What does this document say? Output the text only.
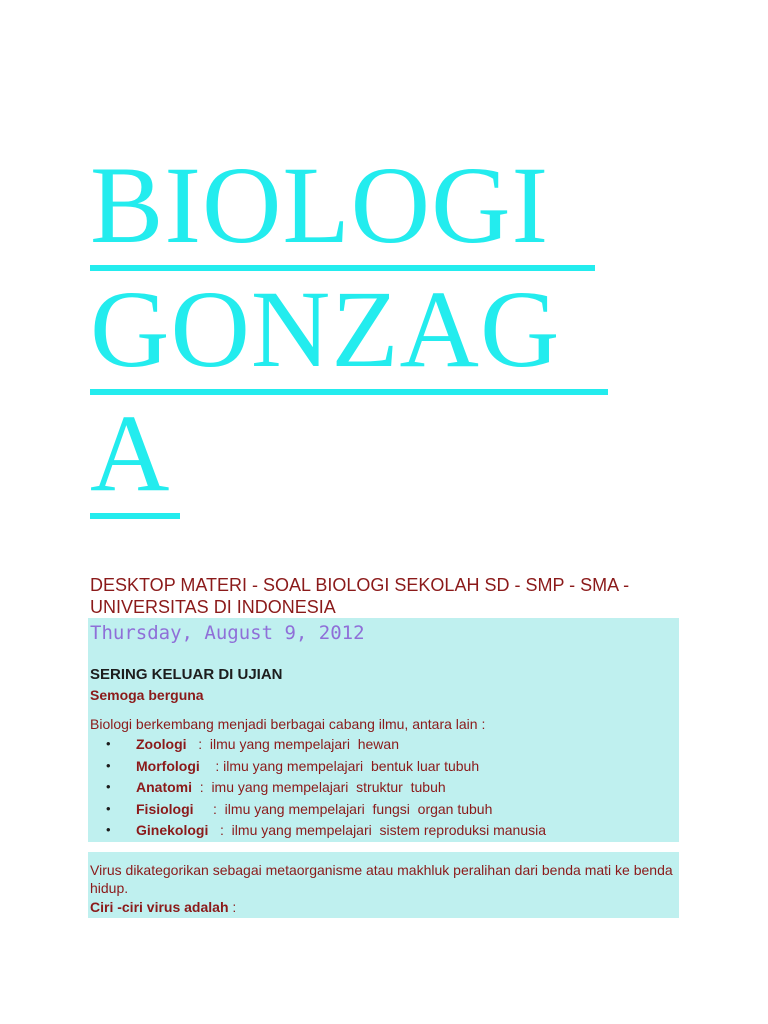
BIOLOGI
GONZAG
A
DESKTOP MATERI - SOAL BIOLOGI SEKOLAH SD - SMP - SMA - UNIVERSITAS DI INDONESIA
Thursday, August 9, 2012
SERING KELUAR DI UJIAN
Semoga berguna
Biologi berkembang menjadi berbagai cabang ilmu, antara lain :
• Zoologi   :  ilmu yang mempelajari  hewan
• Morfologi    : ilmu yang mempelajari  bentuk luar tubuh
• Anatomi  :  imu yang mempelajari  struktur  tubuh
• Fisiologi     :  ilmu yang mempelajari  fungsi  organ tubuh
• Ginekologi   :  ilmu yang mempelajari  sistem reproduksi manusia
Virus dikategorikan sebagai metaorganisme atau makhluk peralihan dari benda mati ke benda hidup.
Ciri -ciri virus adalah :
